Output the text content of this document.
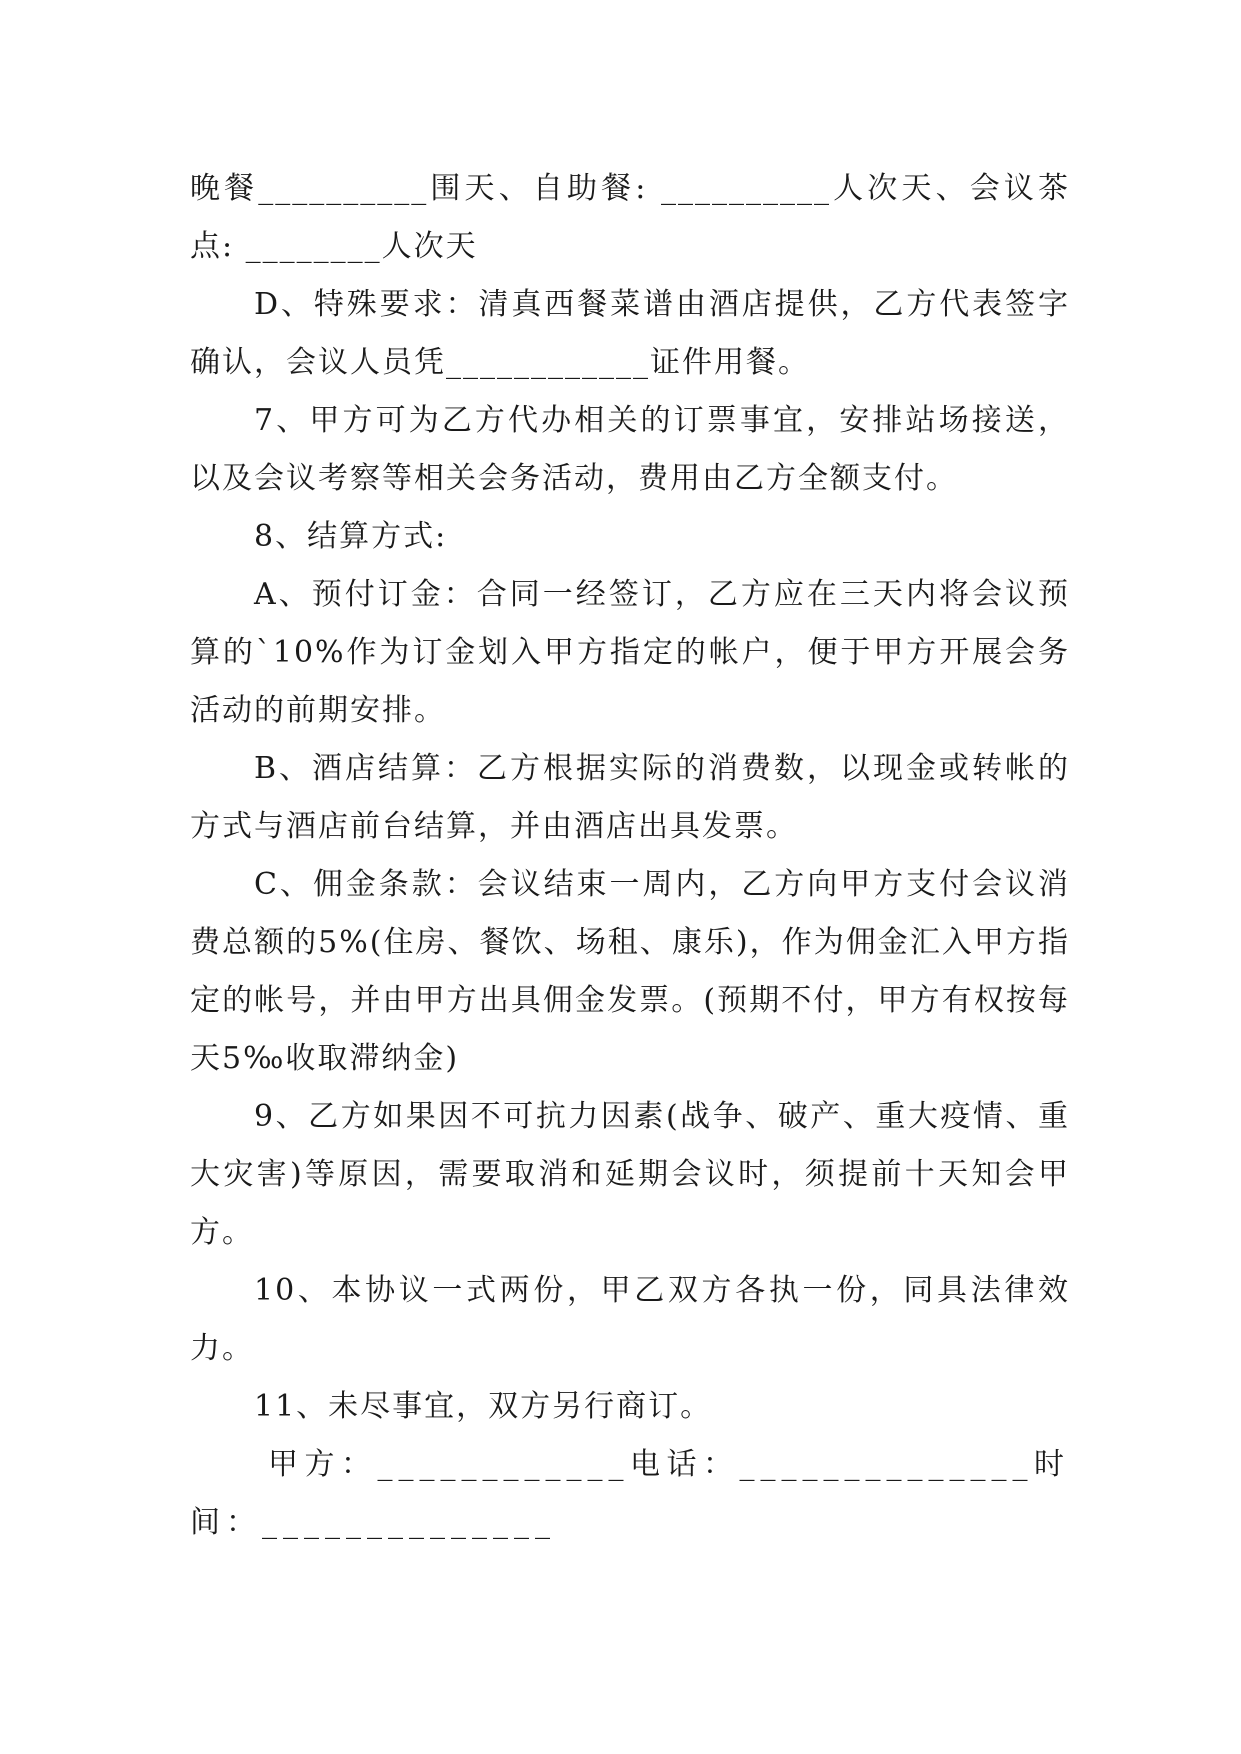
晚餐__________围天、自助餐: __________人次天、会议茶点: ________人次天

D、特殊要求：清真西餐菜谱由酒店提供，乙方代表签字确认，会议人员凭____________证件用餐。

7、甲方可为乙方代办相关的订票事宜，安排站场接送，以及会议考察等相关会务活动，费用由乙方全额支付。

8、结算方式:

A、预付订金：合同一经签订，乙方应在三天内将会议预算的`10%作为订金划入甲方指定的帐户，便于甲方开展会务活动的前期安排。

B、酒店结算：乙方根据实际的消费数，以现金或转帐的方式与酒店前台结算，并由酒店出具发票。

C、佣金条款：会议结束一周内，乙方向甲方支付会议消费总额的5%(住房、餐饮、场租、康乐)，作为佣金汇入甲方指定的帐号，并由甲方出具佣金发票。(预期不付，甲方有权按每天5‰收取滞纳金)

9、乙方如果因不可抗力因素(战争、破产、重大疫情、重大灾害)等原因，需要取消和延期会议时，须提前十天知会甲方。

10、本协议一式两份，甲乙双方各执一份，同具法律效力。

11、未尽事宜，双方另行商订。

甲方：____________电话：______________时间：______________
